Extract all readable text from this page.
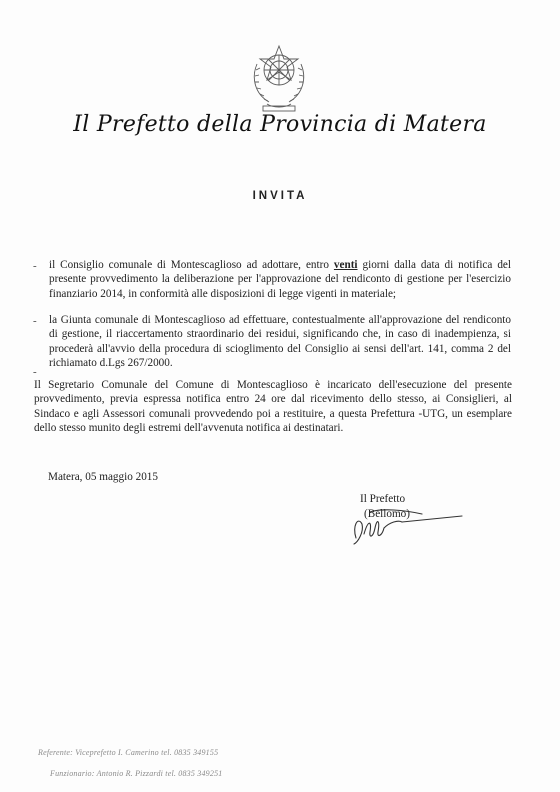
Il Prefetto della Provincia di Matera
INVITA
- il Consiglio comunale di Montescaglioso ad adottare, entro venti giorni dalla data di notifica del presente provvedimento la deliberazione per l'approvazione del rendiconto di gestione per l'esercizio finanziario 2014, in conformità alle disposizioni di legge vigenti in materiale;
- la Giunta comunale di Montescaglioso ad effettuare, contestualmente all'approvazione del rendiconto di gestione, il riaccertamento straordinario dei residui, significando che, in caso di inadempienza, si procederà all'avvio della procedura di scioglimento del Consiglio ai sensi dell'art. 141, comma 2 del richiamato d.Lgs 267/2000.
-
Il Segretario Comunale del Comune di Montescaglioso è incaricato dell'esecuzione del presente provvedimento, previa espressa notifica entro 24 ore dal ricevimento dello stesso, ai Consiglieri, al Sindaco e agli Assessori comunali provvedendo poi a restituire, a questa Prefettura -UTG, un esemplare dello stesso munito degli estremi dell'avvenuta notifica ai destinatari.
Matera, 05 maggio 2015
Il Prefetto
(Bellomo)
Referente: Viceprefetto I. Camerino tel. 0835 349155
Funzionario: Antonio R. Pizzardi tel. 0835 349251
